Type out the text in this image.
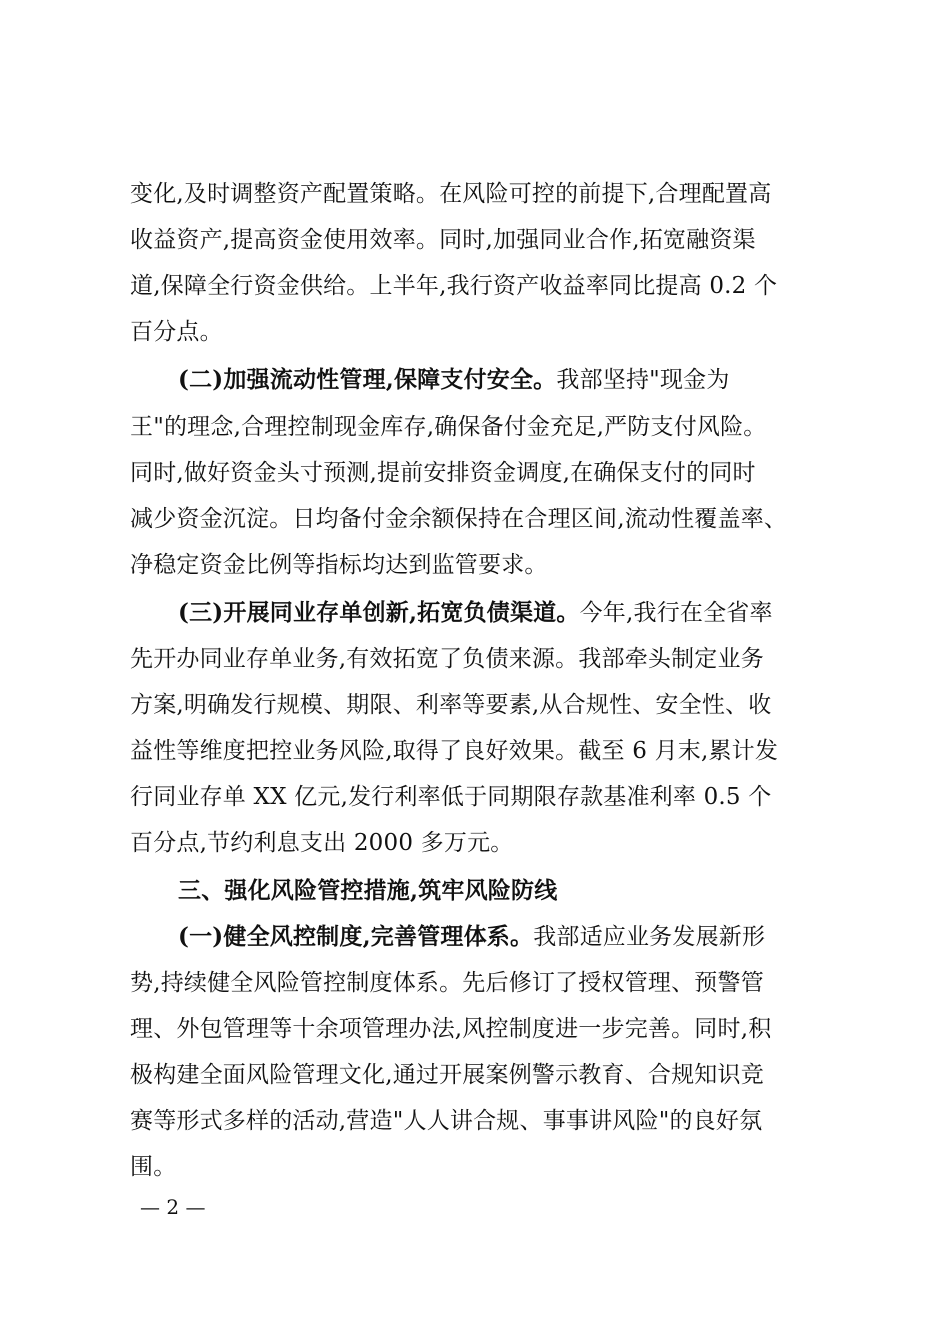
变化,及时调整资产配置策略。在风险可控的前提下,合理配置高
收益资产,提高资金使用效率。同时,加强同业合作,拓宽融资渠
道,保障全行资金供给。上半年,我行资产收益率同比提高 0.2 个
百分点。
(二)加强流动性管理,保障支付安全。我部坚持"现金为
王"的理念,合理控制现金库存,确保备付金充足,严防支付风险。
同时,做好资金头寸预测,提前安排资金调度,在确保支付的同时
减少资金沉淀。日均备付金余额保持在合理区间,流动性覆盖率、
净稳定资金比例等指标均达到监管要求。
(三)开展同业存单创新,拓宽负债渠道。今年,我行在全省率
先开办同业存单业务,有效拓宽了负债来源。我部牵头制定业务
方案,明确发行规模、期限、利率等要素,从合规性、安全性、收
益性等维度把控业务风险,取得了良好效果。截至 6 月末,累计发
行同业存单 XX 亿元,发行利率低于同期限存款基准利率 0.5 个
百分点,节约利息支出 2000 多万元。
三、强化风险管控措施,筑牢风险防线
(一)健全风控制度,完善管理体系。我部适应业务发展新形
势,持续健全风险管控制度体系。先后修订了授权管理、预警管
理、外包管理等十余项管理办法,风控制度进一步完善。同时,积
极构建全面风险管理文化,通过开展案例警示教育、合规知识竞
赛等形式多样的活动,营造"人人讲合规、事事讲风险"的良好氛
围。
— 2 —
